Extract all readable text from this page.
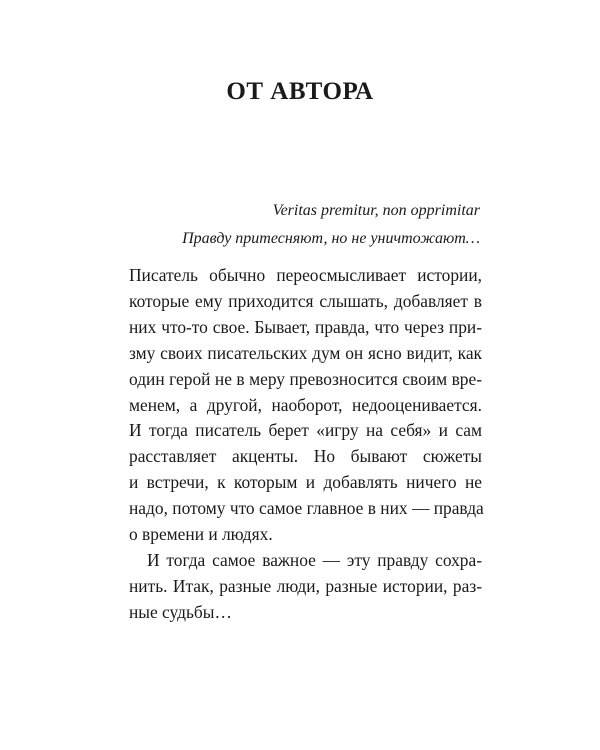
ОТ АВТОРА

Veritas premitur, non opprimitar

Правду притесняют, но не уничтожают…

Писатель обычно переосмысливает истории,
которые ему приходится слышать, добавляет в
них что-то свое. Бывает, правда, что через при-
зму своих писательских дум он ясно видит, как
один герой не в меру превозносится своим вре-
менем, а другой, наоборот, недооценивается.
И тогда писатель берет «игру на себя» и сам
расставляет акценты. Но бывают сюжеты
и встречи, к которым и добавлять ничего не
надо, потому что самое главное в них — правда
о времени и людях.
И тогда самое важное — эту правду сохра-
нить. Итак, разные люди, разные истории, раз-
ные судьбы…
